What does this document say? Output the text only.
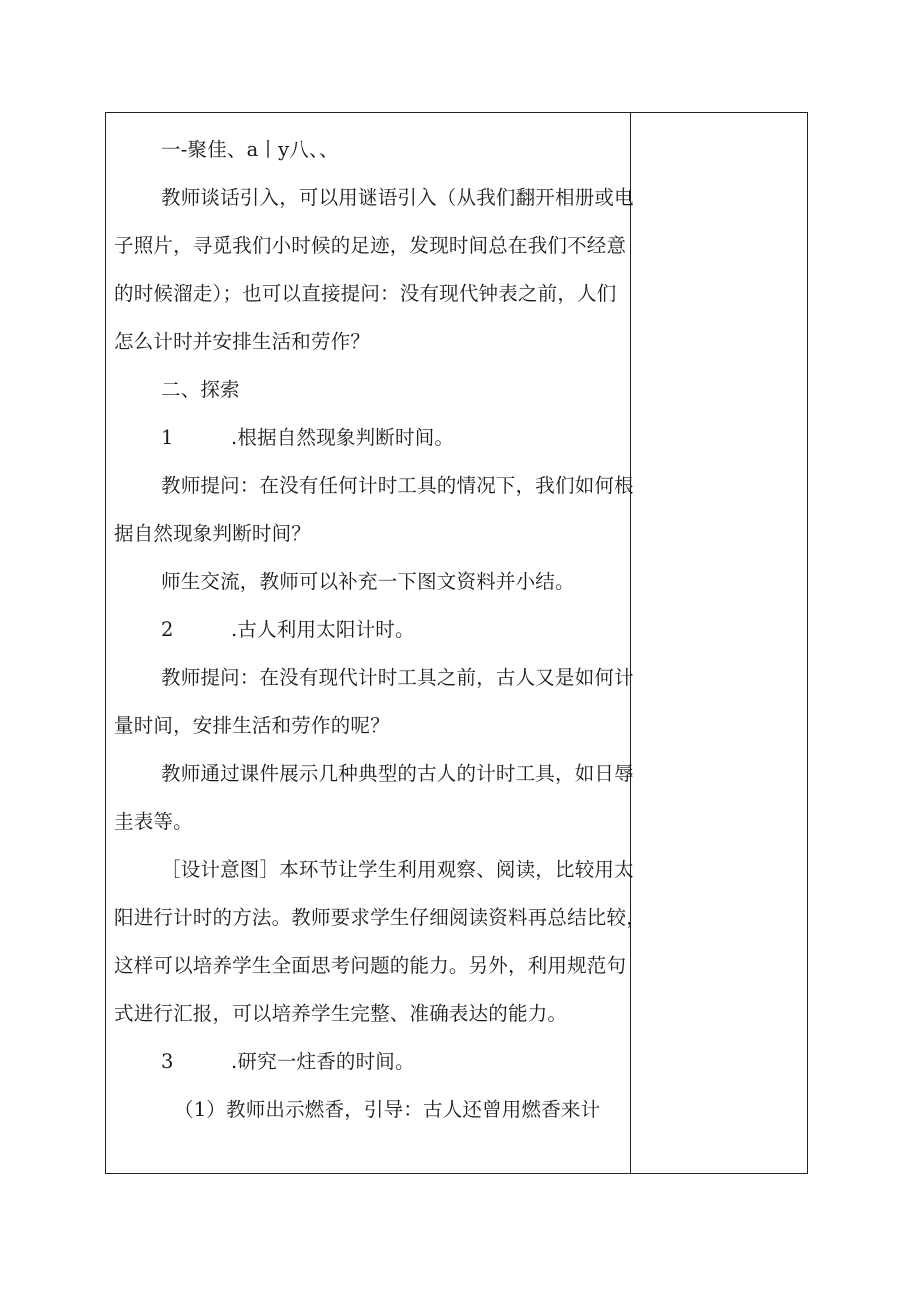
一-聚佳、a丨y八、、

教师谈话引入，可以用谜语引入（从我们翻开相册或电

子照片，寻觅我们小时候的足迹，发现时间总在我们不经意

的时候溜走）；也可以直接提问：没有现代钟表之前，人们

怎么计时并安排生活和劳作？

二、探索

1	.根据自然现象判断时间。

教师提问：在没有任何计时工具的情况下，我们如何根

据自然现象判断时间？

师生交流，教师可以补充一下图文资料并小结。

2	.古人利用太阳计时。

教师提问：在没有现代计时工具之前，古人又是如何计

量时间，安排生活和劳作的呢？

教师通过课件展示几种典型的古人的计时工具，如日辱

圭表等。

［设计意图］本环节让学生利用观察、阅读，比较用太

阳进行计时的方法。教师要求学生仔细阅读资料再总结比较，

这样可以培养学生全面思考问题的能力。另外，利用规范句

式进行汇报，可以培养学生完整、准确表达的能力。

3	.研究一炷香的时间。

（1）教师出示燃香，引导：古人还曾用燃香来计
